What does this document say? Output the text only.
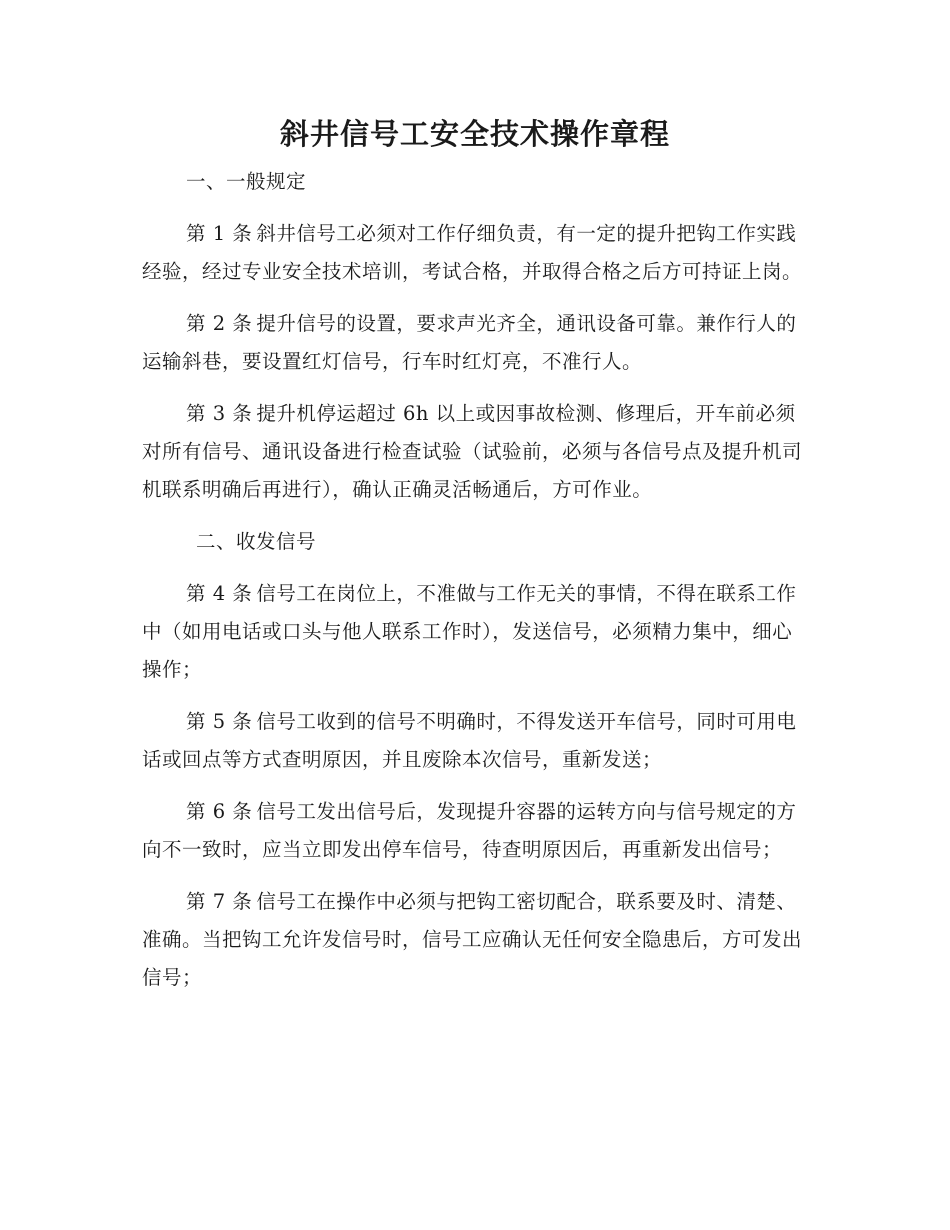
斜井信号工安全技术操作章程

一、一般规定

第 1 条 斜井信号工必须对工作仔细负责，有一定的提升把钩工作实践经验，经过专业安全技术培训，考试合格，并取得合格之后方可持证上岗。

第 2 条 提升信号的设置，要求声光齐全，通讯设备可靠。兼作行人的运输斜巷，要设置红灯信号，行车时红灯亮，不准行人。

第 3 条 提升机停运超过 6h 以上或因事故检测、修理后，开车前必须对所有信号、通讯设备进行检查试验（试验前，必须与各信号点及提升机司机联系明确后再进行），确认正确灵活畅通后，方可作业。

二、收发信号

第 4 条 信号工在岗位上，不准做与工作无关的事情，不得在联系工作中（如用电话或口头与他人联系工作时），发送信号，必须精力集中，细心操作；

第 5 条 信号工收到的信号不明确时，不得发送开车信号，同时可用电话或回点等方式查明原因，并且废除本次信号，重新发送；

第 6 条 信号工发出信号后，发现提升容器的运转方向与信号规定的方向不一致时，应当立即发出停车信号，待查明原因后，再重新发出信号；

第 7 条 信号工在操作中必须与把钩工密切配合，联系要及时、清楚、准确。当把钩工允许发信号时，信号工应确认无任何安全隐患后，方可发出信号；
